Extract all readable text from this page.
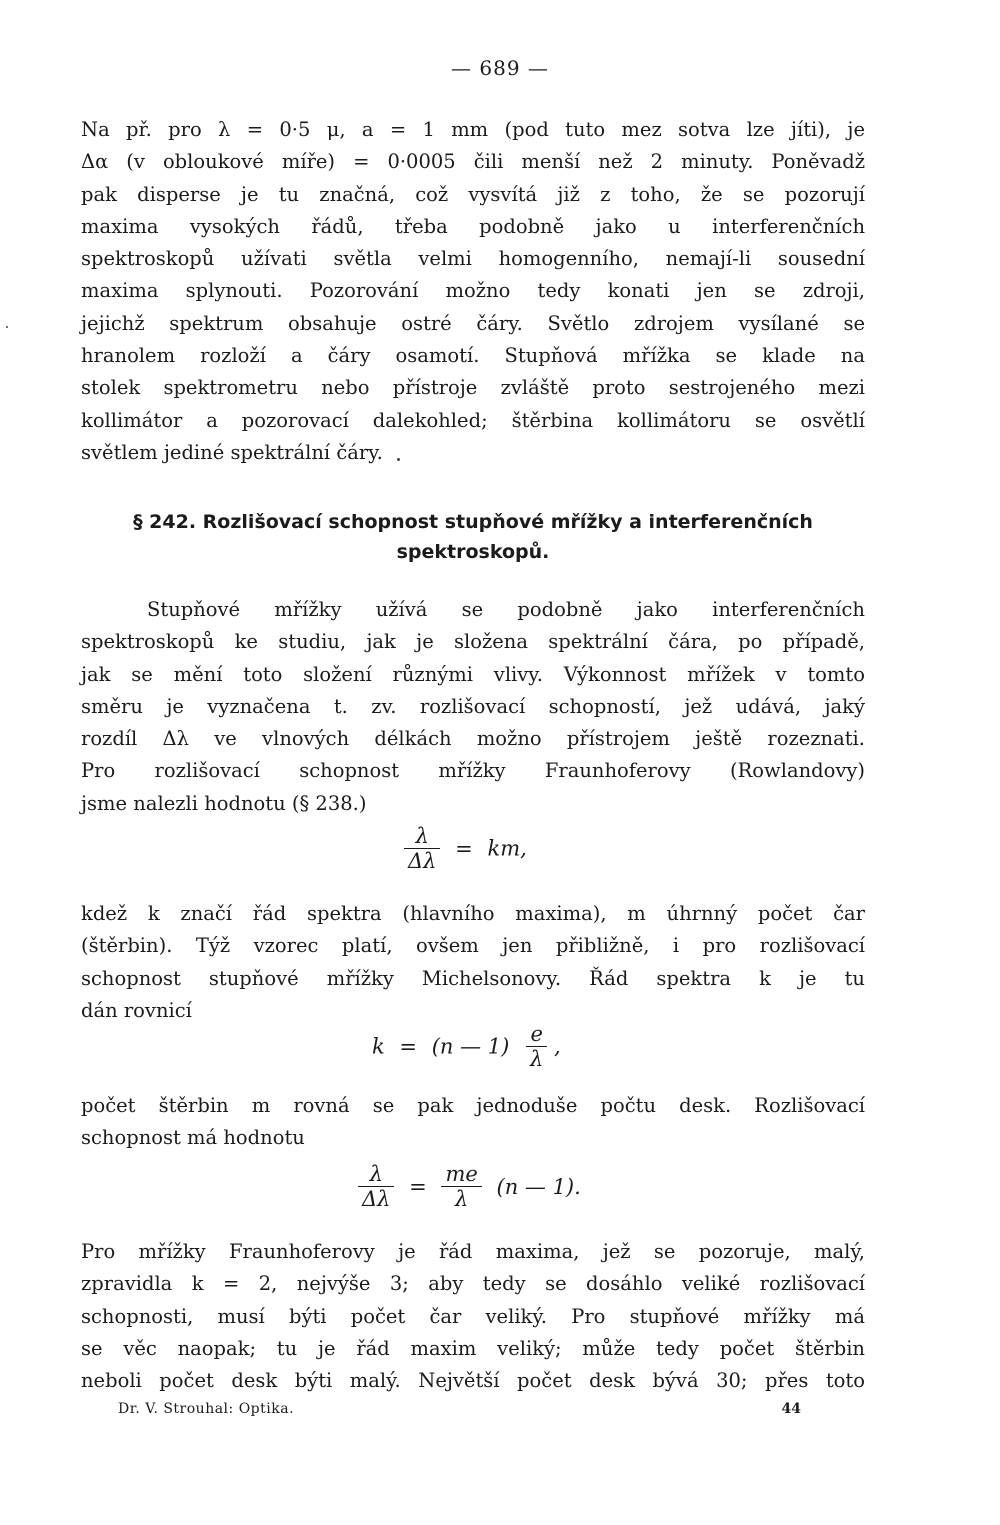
— 689 —

Na př. pro λ = 0·5 μ, a = 1 mm (pod tuto mez sotva lze jíti), je
Δα (v obloukové míře) = 0·0005 čili menší než 2 minuty. Poněvadž
pak disperse je tu značná, což vysvítá již z toho, že se pozorují
maxima vysokých řádů, třeba podobně jako u interferenčních
spektroskopů užívati světla velmi homogenního, nemají-li sousední
maxima splynouti. Pozorování možno tedy konati jen se zdroji,
jejichž spektrum obsahuje ostré čáry. Světlo zdrojem vysílané se
hranolem rozloží a čáry osamotí. Stupňová mřížka se klade na
stolek spektrometru nebo přístroje zvláště proto sestrojeného mezi
kollimátor a pozorovací dalekohled; štěrbina kollimátoru se osvětlí
světlem jediné spektrální čáry.

§ 242. Rozlišovací schopnost stupňové mřížky a interferenčních
spektroskopů.

Stupňové mřížky užívá se podobně jako interferenčních
spektroskopů ke studiu, jak je složena spektrální čára, po případě,
jak se mění toto složení různými vlivy. Výkonnost mřížek v tomto
směru je vyznačena t. zv. rozlišovací schopností, jež udává, jaký
rozdíl Δλ ve vlnových délkách možno přístrojem ještě rozeznati.
Pro rozlišovací schopnost mřížky Fraunhoferovy (Rowlandovy)
jsme nalezli hodnotu (§ 238.)

$\frac{\lambda}{\Delta\lambda}$ = km,

kdež k značí řád spektra (hlavního maxima), m úhrnný počet čar
(štěrbin). Týž vzorec platí, ovšem jen přibližně, i pro rozlišovací
schopnost stupňové mřížky Michelsonovy. Řád spektra k je tu
dán rovnicí

k = (n — $1) \frac{e}{\lambda}$ ,

počet štěrbin m rovná se pak jednoduše počtu desk. Rozlišovací
schopnost má hodnotu

$\frac{\lambda}{\Delta\lambda} = \frac{me}{\lambda} (n$ — 1).

Pro mřížky Fraunhoferovy je řád maxima, jež se pozoruje, malý,
zpravidla k = 2, nejvýše 3; aby tedy se dosáhlo veliké rozlišovací
schopnosti, musí býti počet čar veliký. Pro stupňové mřížky má
se věc naopak; tu je řád maxim veliký; může tedy počet štěrbin
neboli počet desk býti malý. Největší počet desk bývá 30; přes toto

Dr. V. Strouhal: Optika.	44
